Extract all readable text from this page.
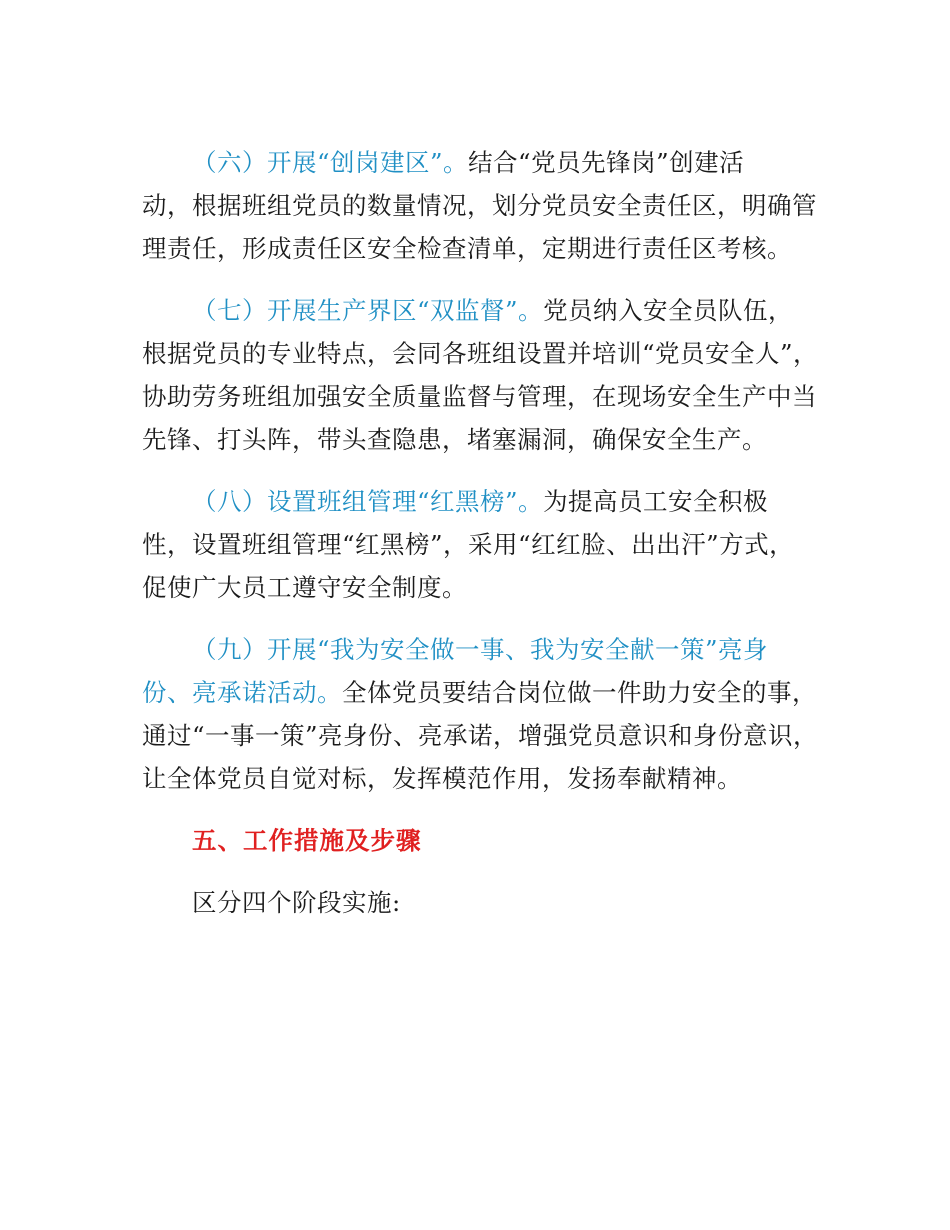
（六）开展“创岗建区”。结合“党员先锋岗”创建活
动，根据班组党员的数量情况，划分党员安全责任区，明确管
理责任，形成责任区安全检查清单，定期进行责任区考核。
（七）开展生产界区“双监督”。党员纳入安全员队伍，
根据党员的专业特点，会同各班组设置并培训“党员安全人”，
协助劳务班组加强安全质量监督与管理，在现场安全生产中当
先锋、打头阵，带头查隐患，堵塞漏洞，确保安全生产。
（八）设置班组管理“红黑榜”。为提高员工安全积极
性，设置班组管理“红黑榜”，采用“红红脸、出出汗”方式，
促使广大员工遵守安全制度。
（九）开展“我为安全做一事、我为安全献一策”亮身
份、亮承诺活动。全体党员要结合岗位做一件助力安全的事，
通过“一事一策”亮身份、亮承诺，增强党员意识和身份意识，
让全体党员自觉对标，发挥模范作用，发扬奉献精神。
五、工作措施及步骤
区分四个阶段实施:
